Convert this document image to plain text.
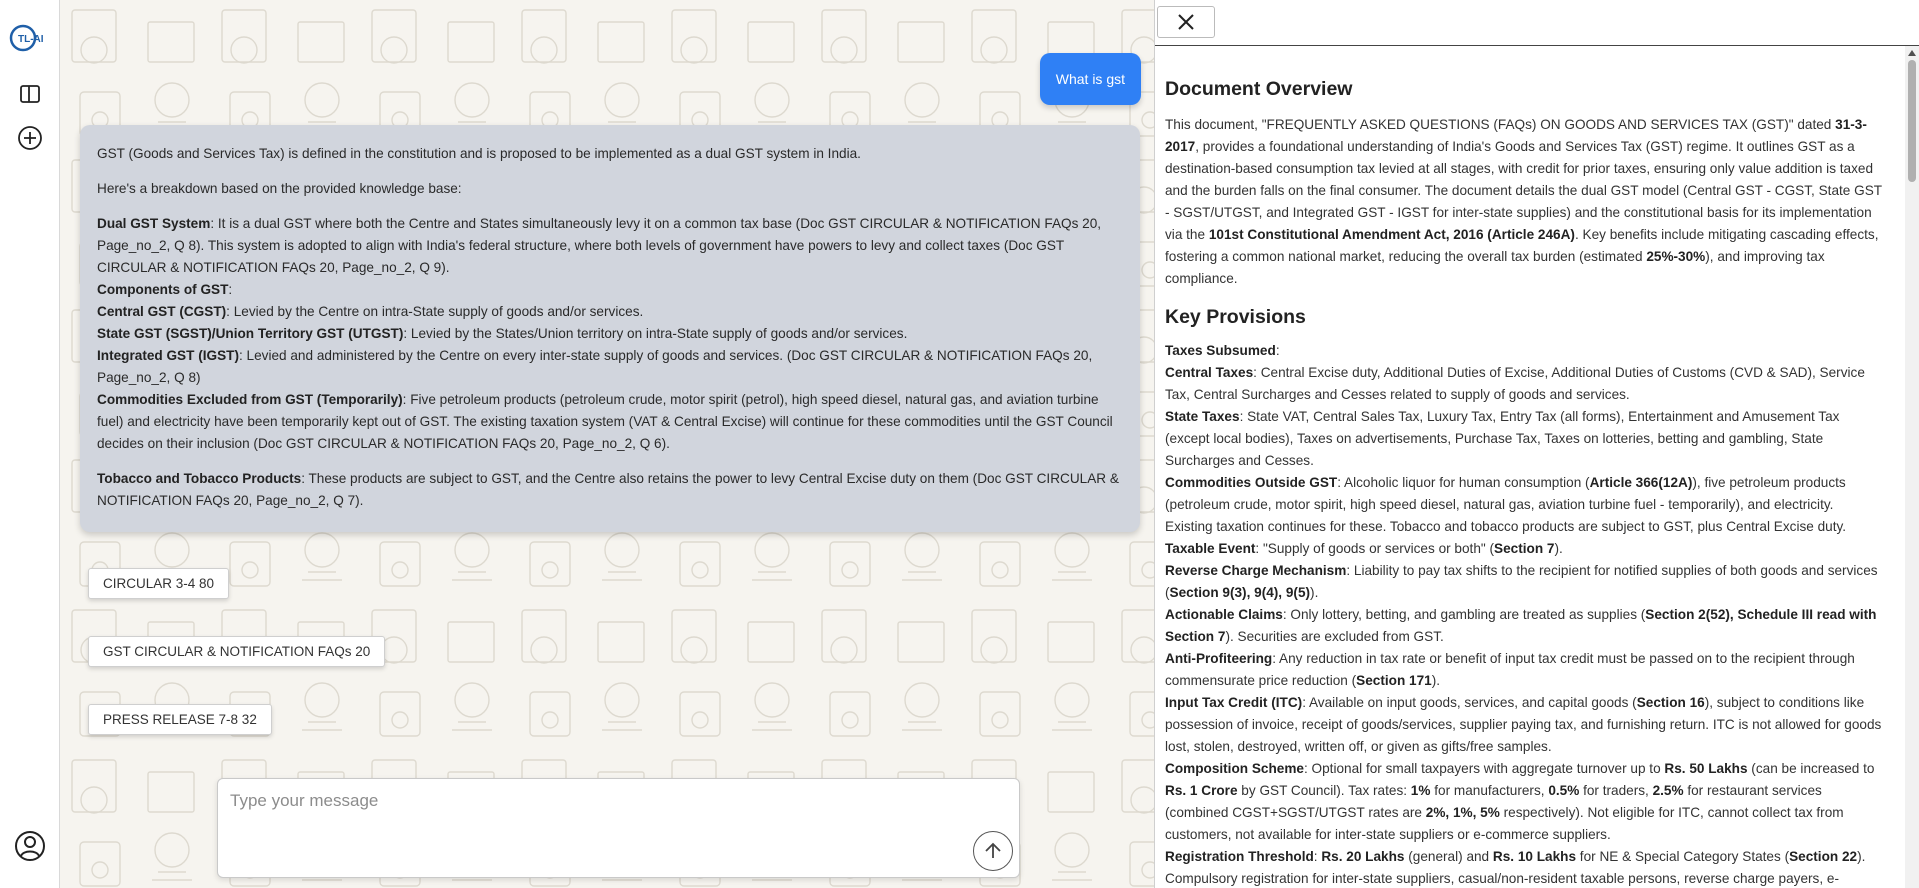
TL-AI
What is gst

GST (Goods and Services Tax) is defined in the constitution and is proposed to be implemented as a dual GST system in India.

Here's a breakdown based on the provided knowledge base:

Dual GST System: It is a dual GST where both the Centre and States simultaneously levy it on a common tax base (Doc GST CIRCULAR & NOTIFICATION FAQs 20, Page_no_2, Q 8). This system is adopted to align with India's federal structure, where both levels of government have powers to levy and collect taxes (Doc GST CIRCULAR & NOTIFICATION FAQs 20, Page_no_2, Q 9).

Components of GST:

Central GST (CGST): Levied by the Centre on intra-State supply of goods and/or services.

State GST (SGST)/Union Territory GST (UTGST): Levied by the States/Union territory on intra-State supply of goods and/or services.

Integrated GST (IGST): Levied and administered by the Centre on every inter-state supply of goods and services. (Doc GST CIRCULAR & NOTIFICATION FAQs 20, Page_no_2, Q 8)

Commodities Excluded from GST (Temporarily): Five petroleum products (petroleum crude, motor spirit (petrol), high speed diesel, natural gas, and aviation turbine fuel) and electricity have been temporarily kept out of GST. The existing taxation system (VAT & Central Excise) will continue for these commodities until the GST Council decides on their inclusion (Doc GST CIRCULAR & NOTIFICATION FAQs 20, Page_no_2, Q 6).

Tobacco and Tobacco Products: These products are subject to GST, and the Centre also retains the power to levy Central Excise duty on them (Doc GST CIRCULAR & NOTIFICATION FAQs 20, Page_no_2, Q 7).

CIRCULAR 3-4 80
GST CIRCULAR & NOTIFICATION FAQs 20
PRESS RELEASE 7-8 32
Type your message
Document Overview

This document, "FREQUENTLY ASKED QUESTIONS (FAQs) ON GOODS AND SERVICES TAX (GST)" dated 31-3-2017, provides a foundational understanding of India's Goods and Services Tax (GST) regime. It outlines GST as a destination-based consumption tax levied at all stages, with credit for prior taxes, ensuring only value addition is taxed and the burden falls on the final consumer. The document details the dual GST model (Central GST - CGST, State GST - SGST/UTGST, and Integrated GST - IGST for inter-state supplies) and the constitutional basis for its implementation via the 101st Constitutional Amendment Act, 2016 (Article 246A). Key benefits include mitigating cascading effects, fostering a common national market, reducing the overall tax burden (estimated 25%-30%), and improving tax compliance.

Key Provisions

Taxes Subsumed:

Central Taxes: Central Excise duty, Additional Duties of Excise, Additional Duties of Customs (CVD & SAD), Service Tax, Central Surcharges and Cesses related to supply of goods and services.

State Taxes: State VAT, Central Sales Tax, Luxury Tax, Entry Tax (all forms), Entertainment and Amusement Tax (except local bodies), Taxes on advertisements, Purchase Tax, Taxes on lotteries, betting and gambling, State Surcharges and Cesses.

Commodities Outside GST: Alcoholic liquor for human consumption (Article 366(12A)), five petroleum products (petroleum crude, motor spirit, high speed diesel, natural gas, aviation turbine fuel - temporarily), and electricity. Existing taxation continues for these. Tobacco and tobacco products are subject to GST, plus Central Excise duty.

Taxable Event: "Supply of goods or services or both" (Section 7).

Reverse Charge Mechanism: Liability to pay tax shifts to the recipient for notified supplies of both goods and services (Section 9(3), 9(4), 9(5)).

Actionable Claims: Only lottery, betting, and gambling are treated as supplies (Section 2(52), Schedule III read with Section 7). Securities are excluded from GST.

Anti-Profiteering: Any reduction in tax rate or benefit of input tax credit must be passed on to the recipient through commensurate price reduction (Section 171).

Input Tax Credit (ITC): Available on input goods, services, and capital goods (Section 16), subject to conditions like possession of invoice, receipt of goods/services, supplier paying tax, and furnishing return. ITC is not allowed for goods lost, stolen, destroyed, written off, or given as gifts/free samples.

Composition Scheme: Optional for small taxpayers with aggregate turnover up to Rs. 50 Lakhs (can be increased to Rs. 1 Crore by GST Council). Tax rates: 1% for manufacturers, 0.5% for traders, 2.5% for restaurant services (combined CGST+SGST/UTGST rates are 2%, 1%, 5% respectively). Not eligible for ITC, cannot collect tax from customers, not available for inter-state suppliers or e-commerce suppliers.

Registration Threshold: Rs. 20 Lakhs (general) and Rs. 10 Lakhs for NE & Special Category States (Section 22).

Compulsory registration for inter-state suppliers, casual/non-resident taxable persons, reverse charge payers, e-
